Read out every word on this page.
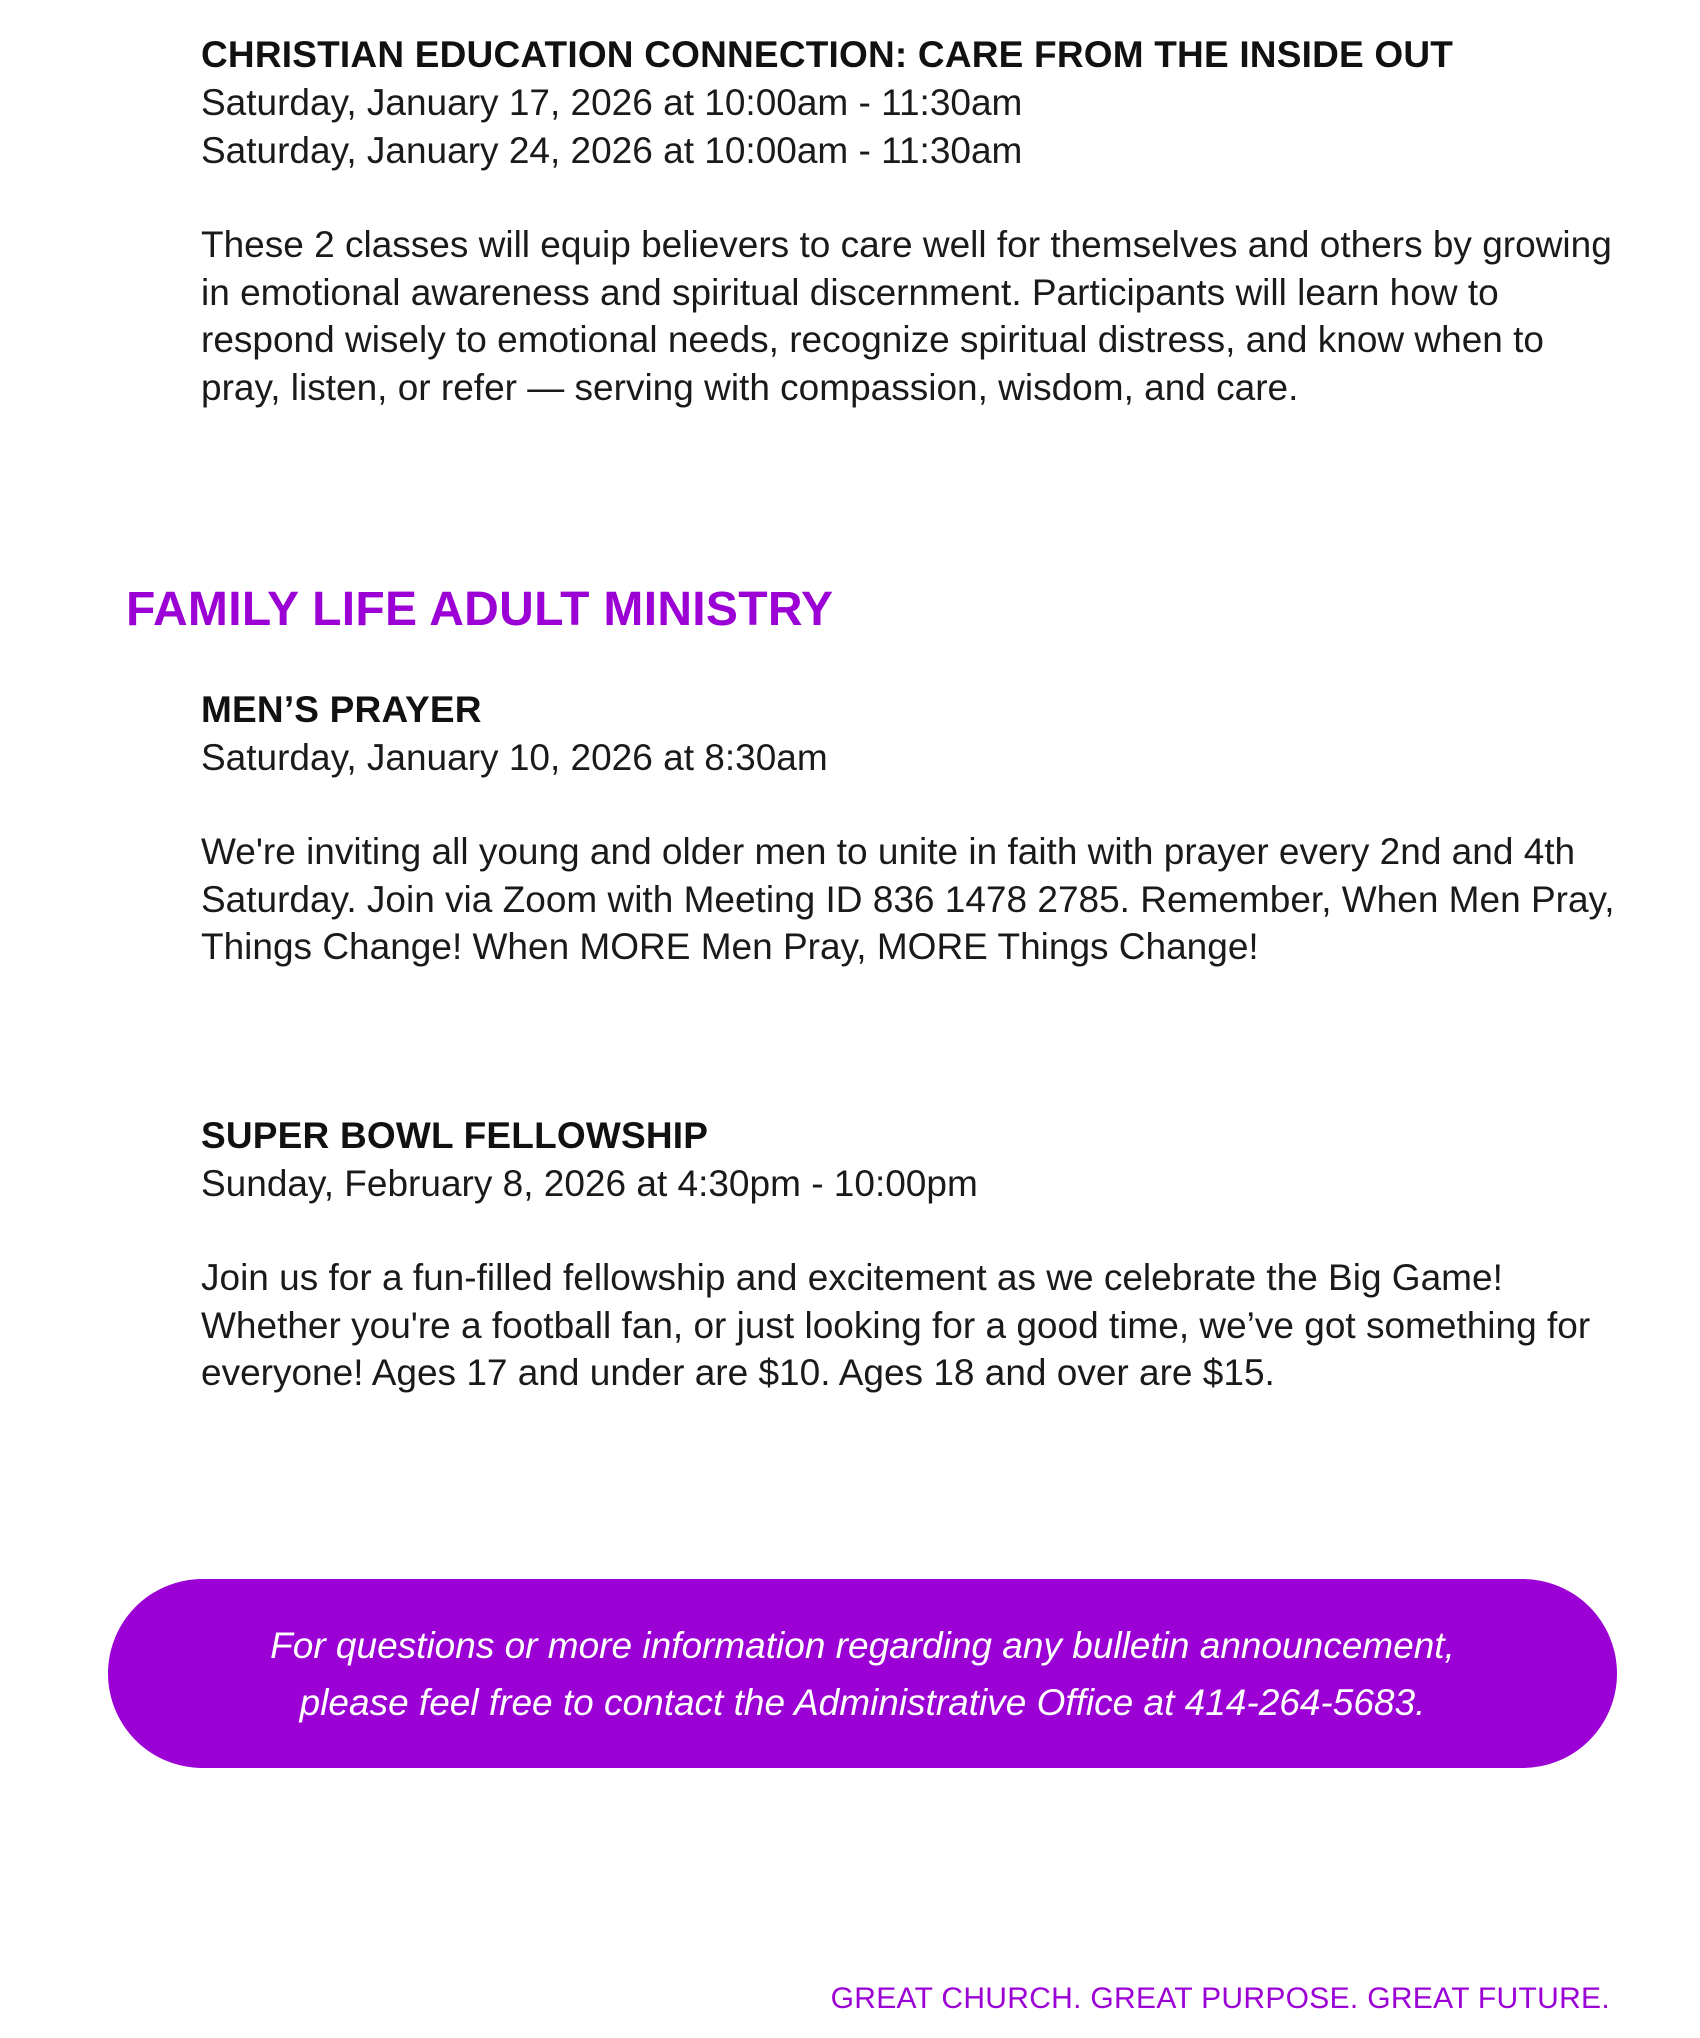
CHRISTIAN EDUCATION CONNECTION: CARE FROM THE INSIDE OUT

Saturday, January 17, 2026 at 10:00am - 11:30am

Saturday, January 24, 2026 at 10:00am - 11:30am

These 2 classes will equip believers to care well for themselves and others by growing in emotional awareness and spiritual discernment. Participants will learn how to respond wisely to emotional needs, recognize spiritual distress, and know when to pray, listen, or refer — serving with compassion, wisdom, and care.

FAMILY LIFE ADULT MINISTRY

MEN’S PRAYER

Saturday, January 10, 2026 at 8:30am

We're inviting all young and older men to unite in faith with prayer every 2nd and 4th Saturday. Join via Zoom with Meeting ID 836 1478 2785. Remember, When Men Pray, Things Change! When MORE Men Pray, MORE Things Change!

SUPER BOWL FELLOWSHIP

Sunday, February 8, 2026 at 4:30pm - 10:00pm

Join us for a fun-filled fellowship and excitement as we celebrate the Big Game! Whether you're a football fan, or just looking for a good time, we’ve got something for everyone! Ages 17 and under are $10. Ages 18 and over are $15.

For questions or more information regarding any bulletin announcement,
please feel free to contact the Administrative Office at 414-264-5683.

GREAT CHURCH. GREAT PURPOSE. GREAT FUTURE.
